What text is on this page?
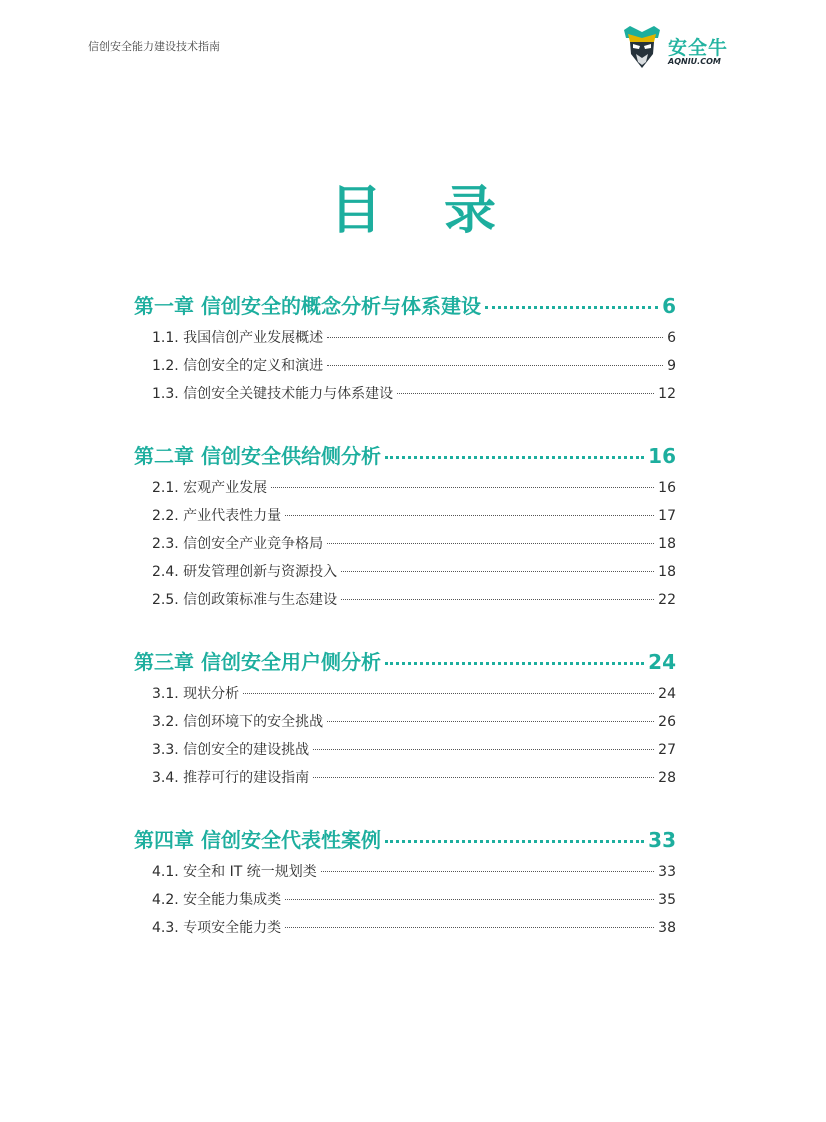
信创安全能力建设技术指南	安全牛
AQNIU.COM
目 录
第一章 信创安全的概念分析与体系建设	6
1.1. 我国信创产业发展概述	6
1.2. 信创安全的定义和演进	9
1.3. 信创安全关键技术能力与体系建设	12
第二章 信创安全供给侧分析	16
2.1. 宏观产业发展	16
2.2. 产业代表性力量	17
2.3. 信创安全产业竞争格局	18
2.4. 研发管理创新与资源投入	18
2.5. 信创政策标准与生态建设	22
第三章 信创安全用户侧分析	24
3.1. 现状分析	24
3.2. 信创环境下的安全挑战	26
3.3. 信创安全的建设挑战	27
3.4. 推荐可行的建设指南	28
第四章 信创安全代表性案例	33
4.1. 安全和 IT 统一规划类	33
4.2. 安全能力集成类	35
4.3. 专项安全能力类	38
